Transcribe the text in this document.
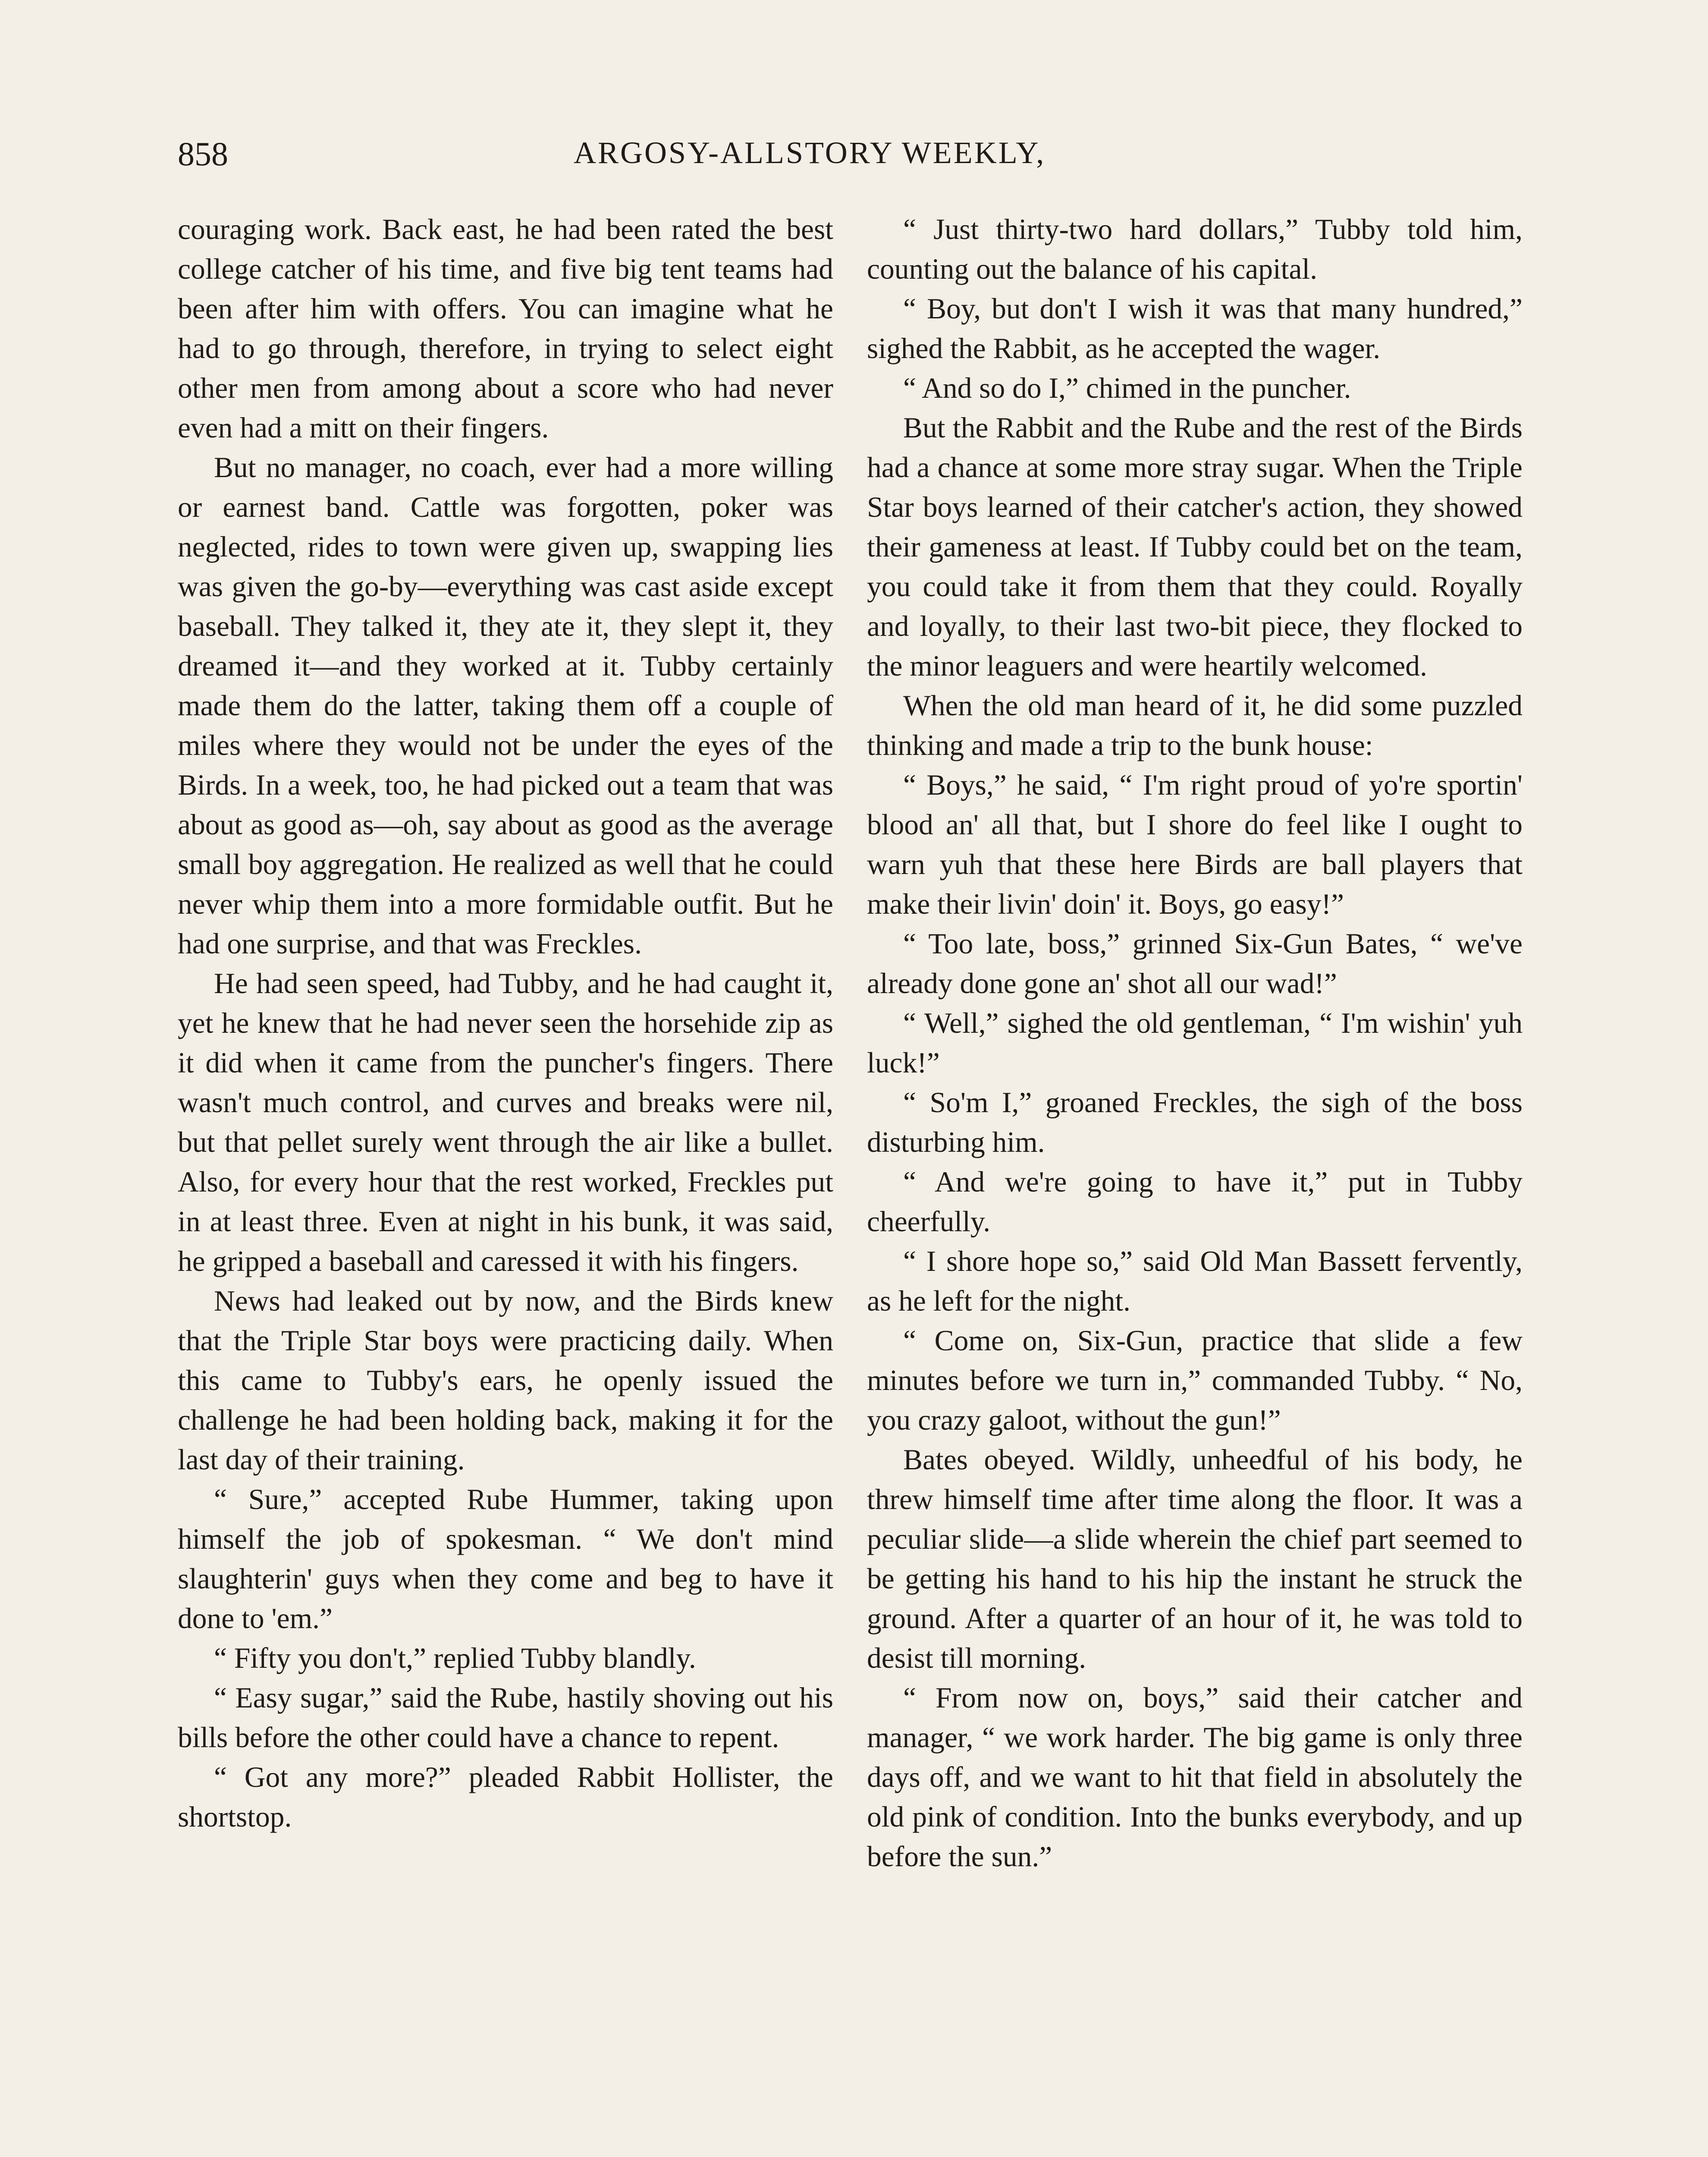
858	ARGOSY-ALLSTORY WEEKLY,

couraging work. Back east, he had been rated the best college catcher of his time, and five big tent teams had been after him with offers. You can imagine what he had to go through, therefore, in trying to select eight other men from among about a score who had never even had a mitt on their fingers.

But no manager, no coach, ever had a more willing or earnest band. Cattle was forgotten, poker was neglected, rides to town were given up, swapping lies was given the go-by—everything was cast aside except baseball. They talked it, they ate it, they slept it, they dreamed it—and they worked at it. Tubby certainly made them do the latter, taking them off a couple of miles where they would not be under the eyes of the Birds. In a week, too, he had picked out a team that was about as good as—oh, say about as good as the average small boy aggregation. He realized as well that he could never whip them into a more formidable outfit. But he had one surprise, and that was Freckles.

He had seen speed, had Tubby, and he had caught it, yet he knew that he had never seen the horsehide zip as it did when it came from the puncher's fingers. There wasn't much control, and curves and breaks were nil, but that pellet surely went through the air like a bullet. Also, for every hour that the rest worked, Freckles put in at least three. Even at night in his bunk, it was said, he gripped a baseball and caressed it with his fingers.

News had leaked out by now, and the Birds knew that the Triple Star boys were practicing daily. When this came to Tubby's ears, he openly issued the challenge he had been holding back, making it for the last day of their training.

“ Sure,” accepted Rube Hummer, taking upon himself the job of spokesman. “ We don't mind slaughterin' guys when they come and beg to have it done to 'em.”

“ Fifty you don't,” replied Tubby blandly.

“ Easy sugar,” said the Rube, hastily shoving out his bills before the other could have a chance to repent.

“ Got any more?” pleaded Rabbit Hollister, the shortstop.

“ Just thirty-two hard dollars,” Tubby told him, counting out the balance of his capital.

“ Boy, but don't I wish it was that many hundred,” sighed the Rabbit, as he accepted the wager.

“ And so do I,” chimed in the puncher.

But the Rabbit and the Rube and the rest of the Birds had a chance at some more stray sugar. When the Triple Star boys learned of their catcher's action, they showed their gameness at least. If Tubby could bet on the team, you could take it from them that they could. Royally and loyally, to their last two-bit piece, they flocked to the minor leaguers and were heartily welcomed.

When the old man heard of it, he did some puzzled thinking and made a trip to the bunk house:

“ Boys,” he said, “ I'm right proud of yo're sportin' blood an' all that, but I shore do feel like I ought to warn yuh that these here Birds are ball players that make their livin' doin' it. Boys, go easy!”

“ Too late, boss,” grinned Six-Gun Bates, “ we've already done gone an' shot all our wad!”

“ Well,” sighed the old gentleman, “ I'm wishin' yuh luck!”

“ So'm I,” groaned Freckles, the sigh of the boss disturbing him.

“ And we're going to have it,” put in Tubby cheerfully.

“ I shore hope so,” said Old Man Bassett fervently, as he left for the night.

“ Come on, Six-Gun, practice that slide a few minutes before we turn in,” commanded Tubby. “ No, you crazy galoot, without the gun!”

Bates obeyed. Wildly, unheedful of his body, he threw himself time after time along the floor. It was a peculiar slide—a slide wherein the chief part seemed to be getting his hand to his hip the instant he struck the ground. After a quarter of an hour of it, he was told to desist till morning.

“ From now on, boys,” said their catcher and manager, “ we work harder. The big game is only three days off, and we want to hit that field in absolutely the old pink of condition. Into the bunks everybody, and up before the sun.”
